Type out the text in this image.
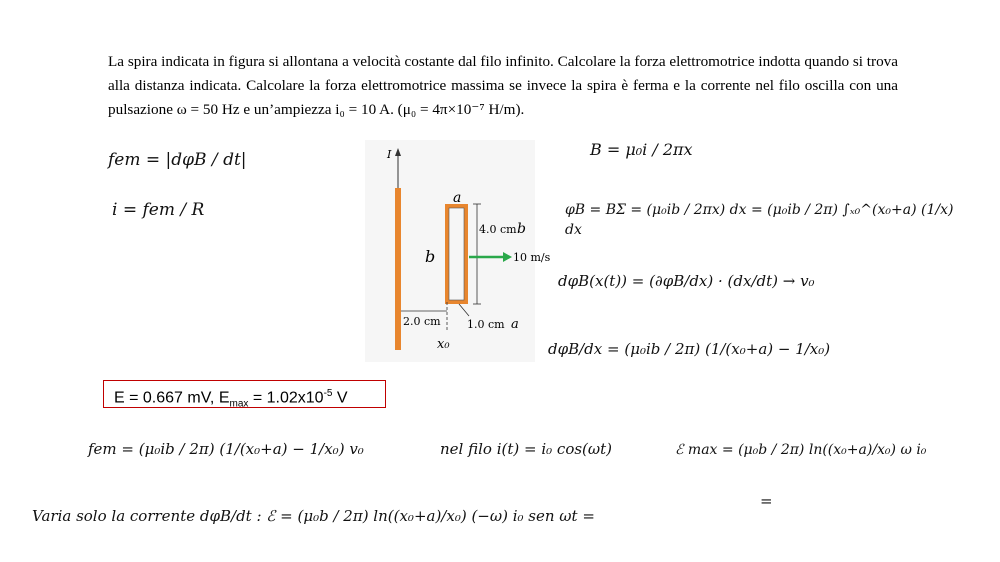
La spira indicata in figura si allontana a velocità costante dal filo infinito. Calcolare la forza elettromotrice indotta quando si trova alla distanza indicata. Calcolare la forza elettromotrice massima se invece la spira è ferma e la corrente nel filo oscilla con una pulsazione ω = 50 Hz e un’ampiezza i₀ = 10 A. (μ₀ = 4π×10⁻⁷ H/m).

I
4.0 cm b
a
b	10 m/s
2.0 cm 1.0 cm a
x₀
fem = |dφB / dt|
i = fem / R
B = μ₀i / 2πx
φB = BΣ = (μ₀ib / 2πx) dx = (μ₀ib / 2π) ∫ₓ₀^(x₀+a) (1/x) dx
dφB(x(t)) = (∂φB/dx) · (dx/dt) → v₀
dφB/dx = (μ₀ib / 2π) (1/(x₀+a) − 1/x₀)
E = 0.667 mV, $E_{max} = 1.02x10^{-5}$ V
fem = (μ₀ib / 2π) (1/(x₀+a) − 1/x₀) v₀	nel filo i(t) = i₀ cos(ωt)	ℰ max = (μ₀b / 2π) ln((x₀+a)/x₀) ω i₀
=
Varia solo la corrente dφB/dt : ℰ = (μ₀b / 2π) ln((x₀+a)/x₀) (−ω) i₀ sen ωt =
